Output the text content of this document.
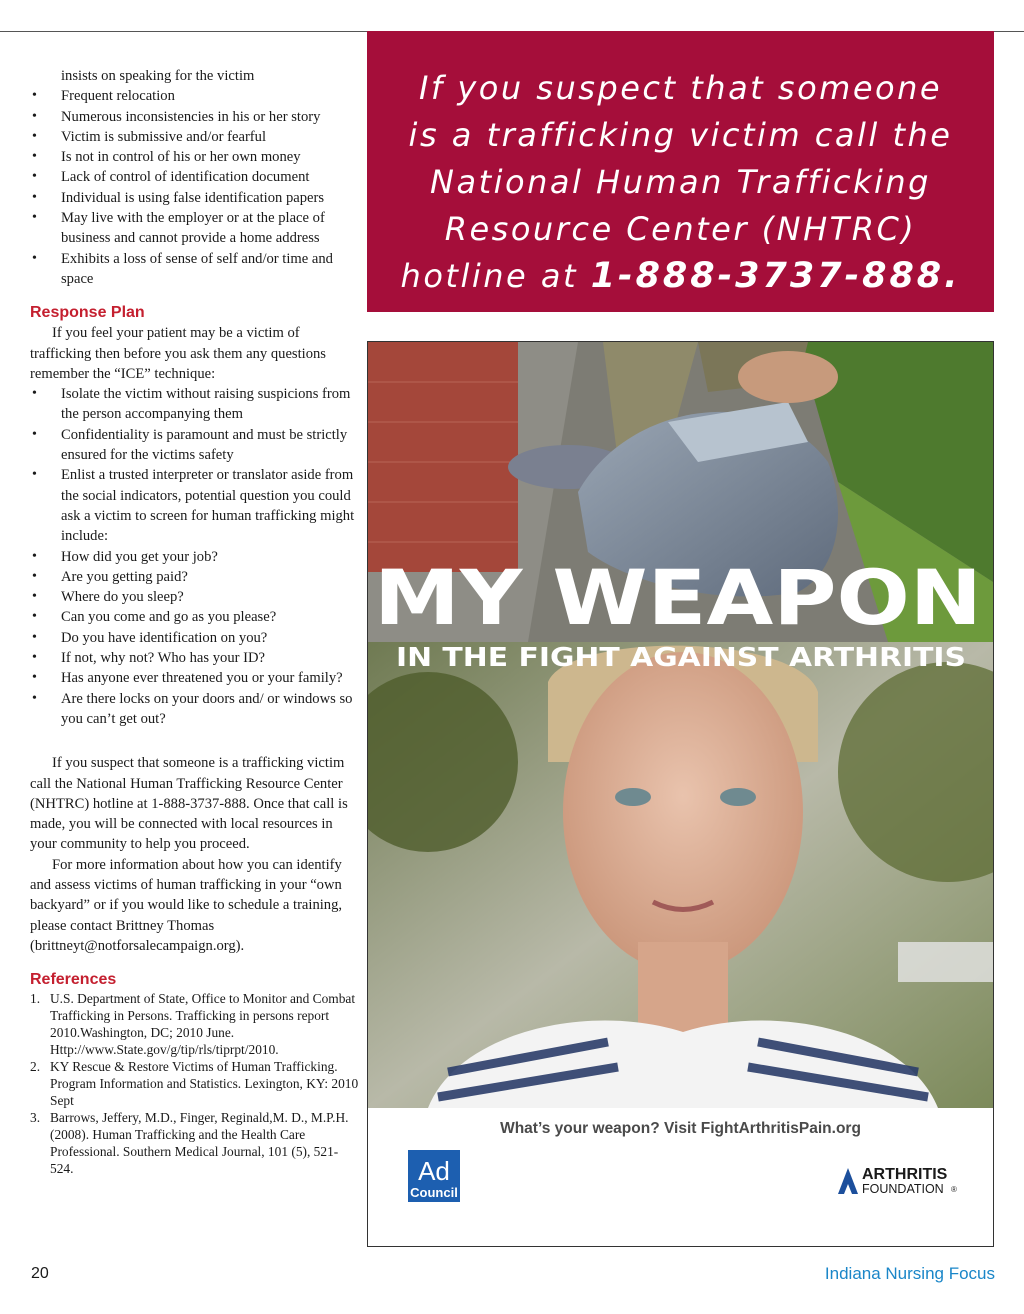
insists on speaking for the victim

• Frequent relocation
• Numerous inconsistencies in his or her story
• Victim is submissive and/or fearful
• Is not in control of his or her own money
• Lack of control of identification document
• Individual is using false identification papers
• May live with the employer or at the place of business and cannot provide a home address
• Exhibits a loss of sense of self and/or time and space
Response Plan

If you feel your patient may be a victim of trafficking then before you ask them any questions remember the “ICE” technique:

• Isolate the victim without raising suspicions from the person accompanying them
• Confidentiality is paramount and must be strictly ensured for the victims safety
• Enlist a trusted interpreter or translator aside from the social indicators, potential question you could ask a victim to screen for human trafficking might include:
• How did you get your job?
• Are you getting paid?
• Where do you sleep?
• Can you come and go as you please?
• Do you have identification on you?
• If not, why not? Who has your ID?
• Has anyone ever threatened you or your family?
• Are there locks on your doors and/ or windows so you can’t get out?

If you suspect that someone is a trafficking victim call the National Human Trafficking Resource Center (NHTRC) hotline at 1-888-3737-888. Once that call is made, you will be connected with local resources in your community to help you proceed.

For more information about how you can identify and assess victims of human trafficking in your “own backyard” or if you would like to schedule a training, please contact Brittney Thomas (brittneyt@notforsalecampaign.org).

References
1. U.S. Department of State, Office to Monitor and Combat Trafficking in Persons. Trafficking in persons report 2010.Washington, DC; 2010 June. Http://www.State.gov/g/tip/rls/tiprpt/2010.
2. KY Rescue & Restore Victims of Human Trafficking. Program Information and Statistics. Lexington, KY: 2010 Sept
3. Barrows, Jeffery, M.D., Finger, Reginald,M. D., M.P.H. (2008). Human Trafficking and the Health Care Professional. Southern Medical Journal, 101 (5), 521-524.
If you suspect that someone
is a trafficking victim call the
National Human Trafficking
Resource Center (NHTRC)
hotline at 1-888-3737-888.
MY WEAPON
IN THE FIGHT AGAINST ARTHRITIS
What’s your weapon? Visit FightArthritisPain.org
Ad
Council
ARTHRITIS
FOUNDATION ®
20	Indiana Nursing Focus
